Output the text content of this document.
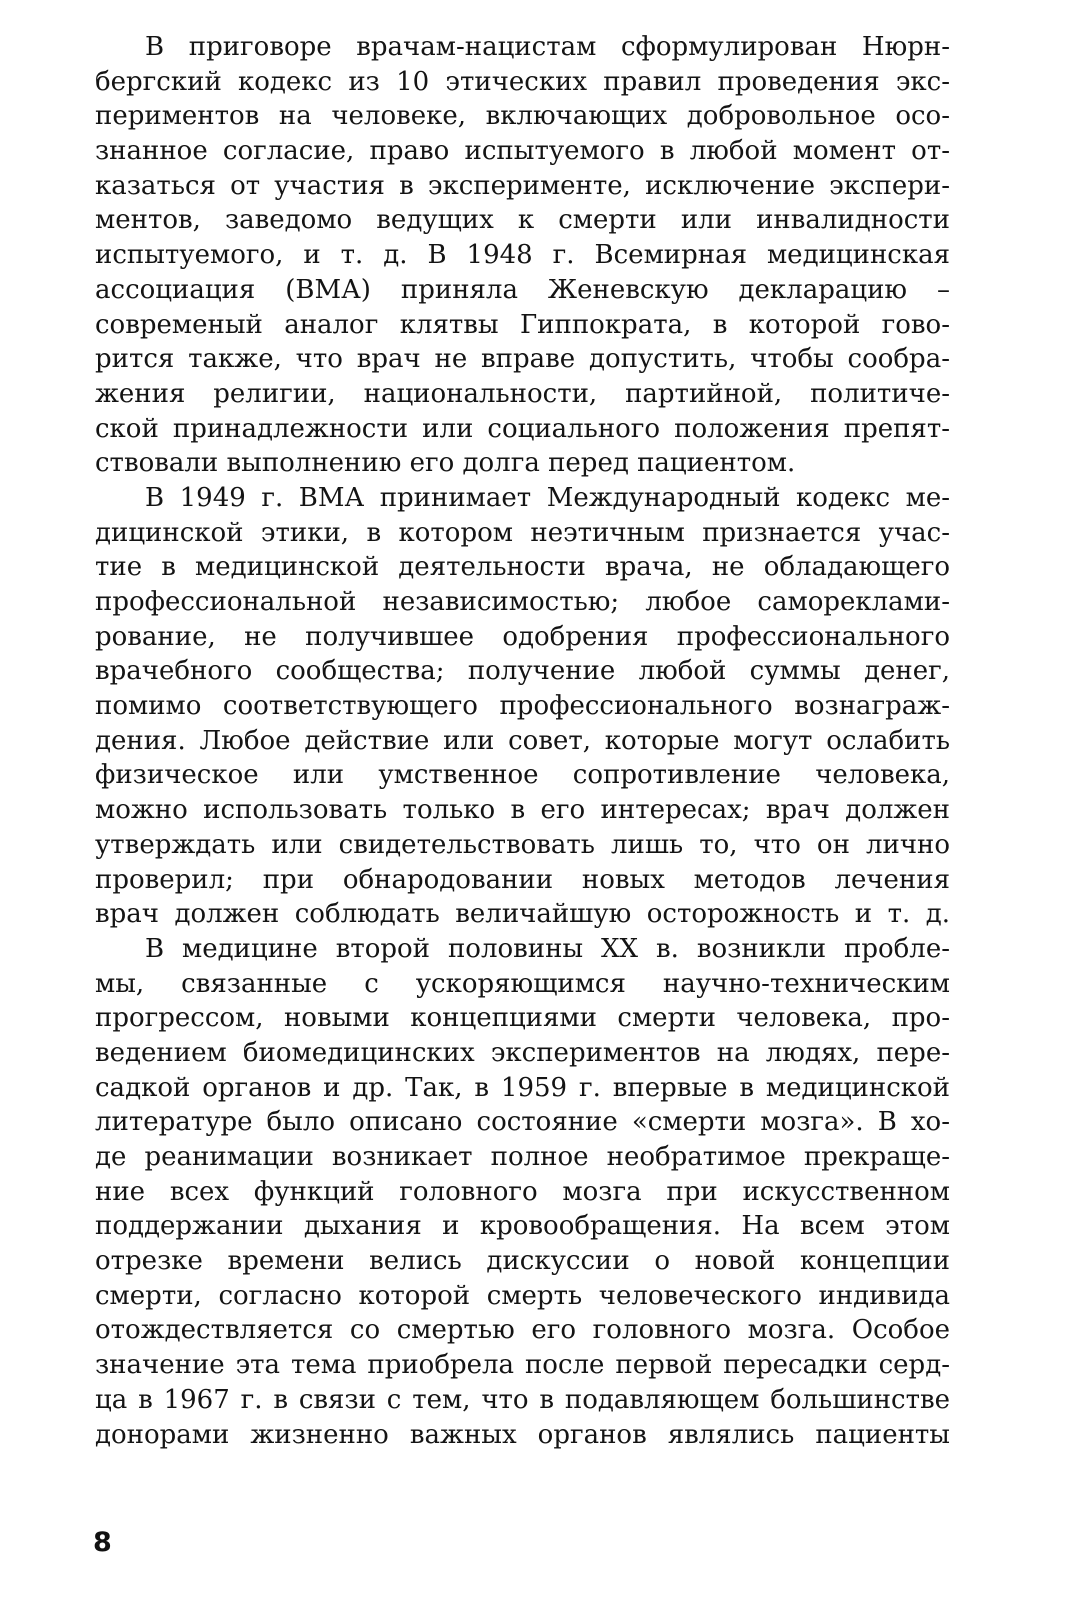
В приговоре врачам-нацистам сформулирован Нюрн-
бергский кодекс из 10 этических правил проведения экс-
периментов на человеке, включающих добровольное осо-
знанное согласие, право испытуемого в любой момент от-
казаться от участия в эксперименте, исключение экспери-
ментов, заведомо ведущих к смерти или инвалидности
испытуемого, и т. д. В 1948 г. Всемирная медицинская
ассоциация (ВМА) приняла Женевскую декларацию –
современый аналог клятвы Гиппократа, в которой гово-
рится также, что врач не вправе допустить, чтобы сообра-
жения религии, национальности, партийной, политиче-
ской принадлежности или социального положения препят-
ствовали выполнению его долга перед пациентом.
В 1949 г. ВМА принимает Международный кодекс ме-
дицинской этики, в котором неэтичным признается учас-
тие в медицинской деятельности врача, не обладающего
профессиональной независимостью; любое самореклами-
рование, не получившее одобрения профессионального
врачебного сообщества; получение любой суммы денег,
помимо соответствующего профессионального вознаграж-
дения. Любое действие или совет, которые могут ослабить
физическое или умственное сопротивление человека,
можно использовать только в его интересах; врач должен
утверждать или свидетельствовать лишь то, что он лично
проверил; при обнародовании новых методов лечения
врач должен соблюдать величайшую осторожность и т. д.
В медицине второй половины XX в. возникли пробле-
мы, связанные с ускоряющимся научно-техническим
прогрессом, новыми концепциями смерти человека, про-
ведением биомедицинских экспериментов на людях, пере-
садкой органов и др. Так, в 1959 г. впервые в медицинской
литературе было описано состояние «смерти мозга». В хо-
де реанимации возникает полное необратимое прекраще-
ние всех функций головного мозга при искусственном
поддержании дыхания и кровообращения. На всем этом
отрезке времени велись дискуссии о новой концепции
смерти, согласно которой смерть человеческого индивида
отождествляется со смертью его головного мозга. Особое
значение эта тема приобрела после первой пересадки серд-
ца в 1967 г. в связи с тем, что в подавляющем большинстве
донорами жизненно важных органов являлись пациенты
8
